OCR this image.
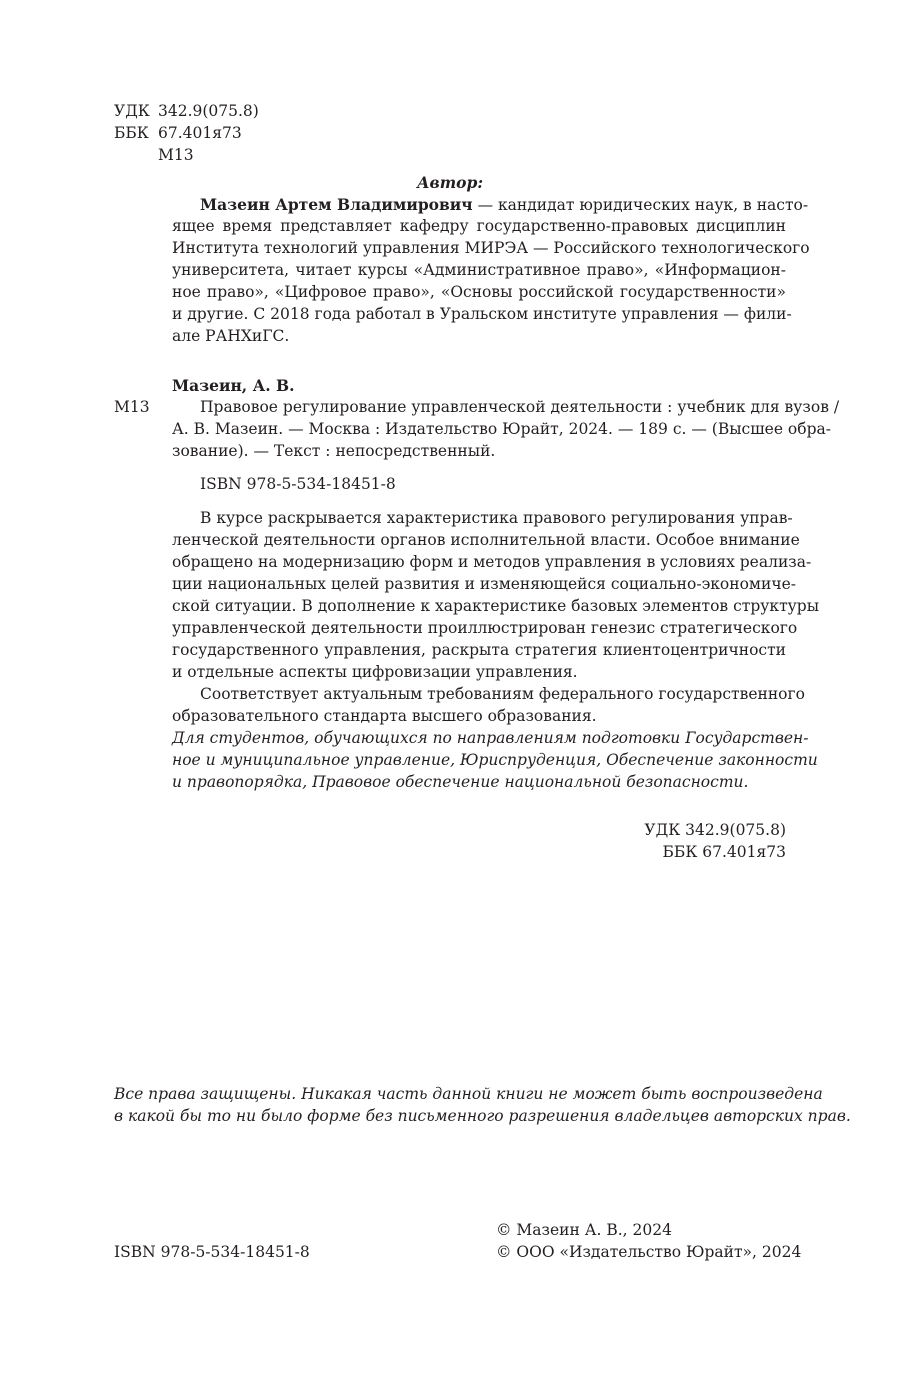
УДК 342.9(075.8)
ББК 67.401я73
М13
Автор:
Мазеин Артем Владимирович — кандидат юридических наук, в насто-
ящее время представляет кафедру государственно-правовых дисциплин
Института технологий управления МИРЭА — Российского технологического
университета, читает курсы «Административное право», «Информацион-
ное право», «Цифровое право», «Основы российской государственности»
и другие. С 2018 года работал в Уральском институте управления — фили-
але РАНХиГС.
Мазеин, А. В.
М13	Правовое регулирование управленческой деятельности : учебник для вузов /
А. В. Мазеин. — Москва : Издательство Юрайт, 2024. — 189 с. — (Высшее обра-
зование). — Текст : непосредственный.
ISBN 978-5-534-18451-8
В курсе раскрывается характеристика правового регулирования управ-
ленческой деятельности органов исполнительной власти. Особое внимание
обращено на модернизацию форм и методов управления в условиях реализа-
ции национальных целей развития и изменяющейся социально-экономиче-
ской ситуации. В дополнение к характеристике базовых элементов структуры
управленческой деятельности проиллюстрирован генезис стратегического
государственного управления, раскрыта стратегия клиентоцентричности
и отдельные аспекты цифровизации управления.
Соответствует актуальным требованиям федерального государственного
образовательного стандарта высшего образования.
Для студентов, обучающихся по направлениям подготовки Государствен-
ное и муниципальное управление, Юриспруденция, Обеспечение законности
и правопорядка, Правовое обеспечение национальной безопасности.
УДК 342.9(075.8)
ББК 67.401я73
Все права защищены. Никакая часть данной книги не может быть воспроизведена
в какой бы то ни было форме без письменного разрешения владельцев авторских прав.
© Мазеин А. В., 2024
ISBN 978-5-534-18451-8	© ООО «Издательство Юрайт», 2024
